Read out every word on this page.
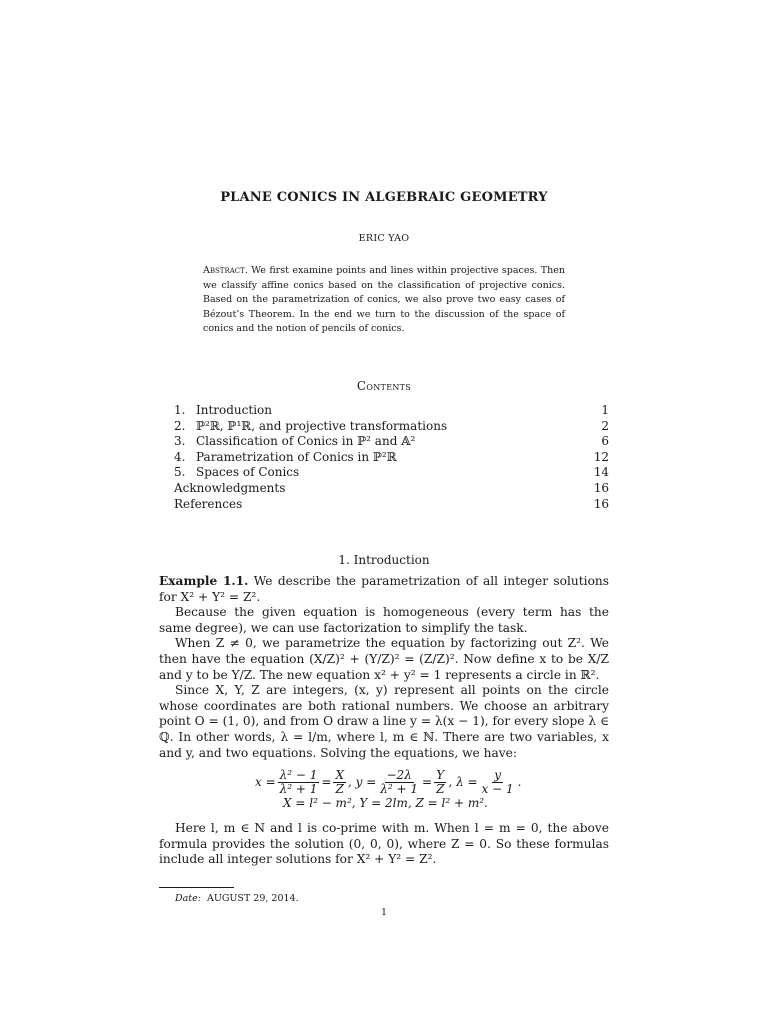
PLANE CONICS IN ALGEBRAIC GEOMETRY
ERIC YAO

Abstract. We first examine points and lines within projective spaces. Then we classify affine conics based on the classification of projective conics. Based on the parametrization of conics, we also prove two easy cases of Bézout’s Theorem. In the end we turn to the discussion of the space of conics and the notion of pencils of conics.

Contents
1. Introduction	1
2. ℙ²ℝ, ℙ¹ℝ, and projective transformations	2
3. Classification of Conics in ℙ² and 𝔸²	6
4. Parametrization of Conics in ℙ²ℝ	12
5. Spaces of Conics	14
Acknowledgments	16
References	16
1. Introduction

Example 1.1. We describe the parametrization of all integer solutions for X² + Y² = Z².

Because the given equation is homogeneous (every term has the same degree), we can use factorization to simplify the task.

When Z ≠ 0, we parametrize the equation by factorizing out Z². We then have the equation (X/Z)² + (Y/Z)² = (Z/Z)². Now define x to be X/Z and y to be Y/Z. The new equation x² + y² = 1 represents a circle in ℝ².

Since X, Y, Z are integers, (x, y) represent all points on the circle whose coordinates are both rational numbers. We choose an arbitrary point O = (1, 0), and from O draw a line y = λ(x − 1), for every slope λ ∈ ℚ. In other words, λ = l/m, where l, m ∈ ℕ. There are two variables, x and y, and two equations. Solving the equations, we have:

$x = \frac{\text{λ² − 1}}{\text{λ² + 1}} = \frac{X}{Z}$ , $y = \frac{-2\lambda}{\text{λ² + 1}} = \frac{Y}{Z}$ , $\lambda = \frac{y}{x - 1}$ .
X = l² − m², Y = 2lm, Z = l² + m².

Here l, m ∈ N and l is co-prime with m. When l = m = 0, the above formula provides the solution (0, 0, 0), where Z = 0. So these formulas include all integer solutions for X² + Y² = Z².

Date: AUGUST 29, 2014.
1
